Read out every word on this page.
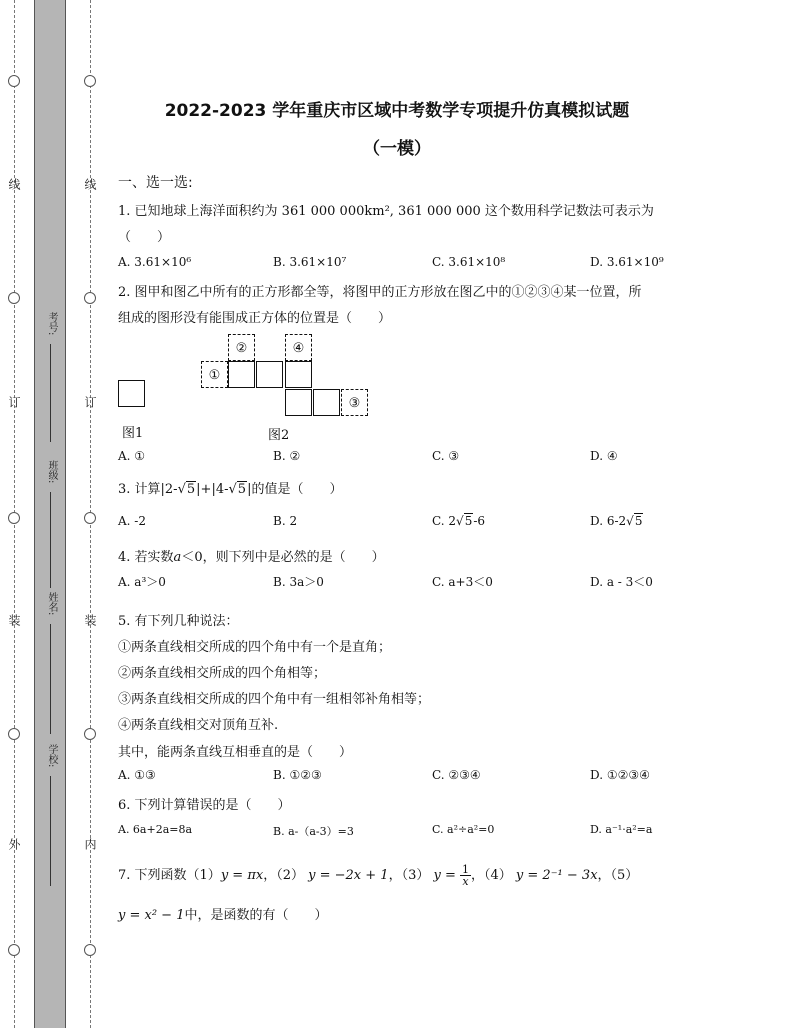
线
订
装
外
线
订
装
内
考号:
班级:
姓名:
学校:
2022-2023 学年重庆市区域中考数学专项提升仿真模拟试题
（一模）
一、选一选:
1. 已知地球上海洋面积约为 361 000 000km², 361 000 000 这个数用科学记数法可表示为
（　　）
A. 3.61×10⁶	B. 3.61×10⁷	C. 3.61×10⁸	D. 3.61×10⁹
2. 图甲和图乙中所有的正方形都全等，将图甲的正方形放在图乙中的①②③④某一位置，所
组成的图形没有能围成正方体的位置是（　　）
图1
①
②	④
③
图2
A. ①	B. ②	C. ③	D. ④
3. 计算|2-√5|+|4-√5|的值是（　　）
A. -2	B. 2	C. 2√5-6	D. 6-2√5
4. 若实数a＜0，则下列中是必然的是（　　）
A. a³＞0	B. 3a＞0	C. a+3＜0	D. a - 3＜0
5. 有下列几种说法：
①两条直线相交所成的四个角中有一个是直角；
②两条直线相交所成的四个角相等；
③两条直线相交所成的四个角中有一组相邻补角相等；
④两条直线相交对顶角互补.
其中，能两条直线互相垂直的是（　　）
A. ①③	B. ①②③	C. ②③④	D. ①②③④
6. 下列计算错误的是（　　）
A. 6a+2a=8a	B. a-（a-3）=3	C. a²÷a²=0	D. a⁻¹·a²=a
7. 下列函数（1）y = πx，（2） y = −2x + 1，（3） $y = \frac{1}{x}$ ，（4） y = 2⁻¹ − 3x，（5）
y = x² − 1中，是函数的有（　　）
